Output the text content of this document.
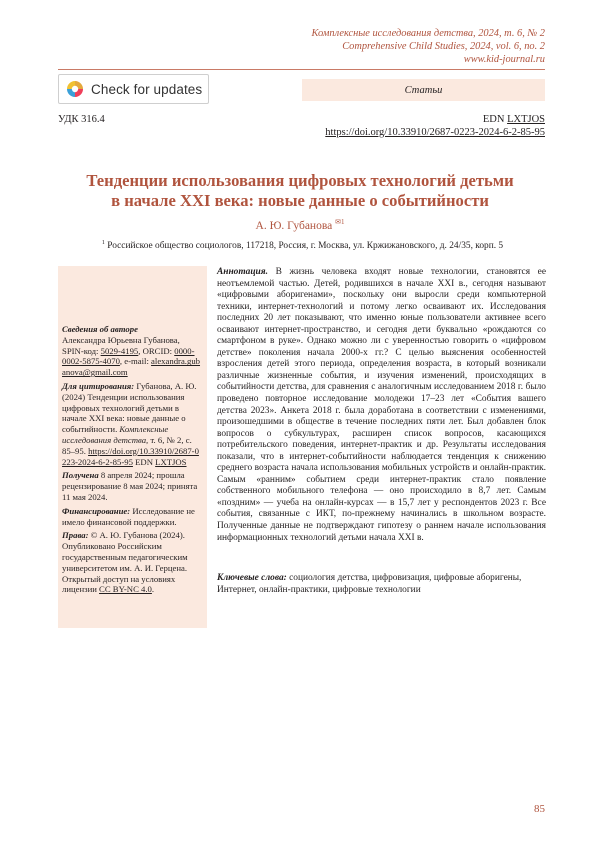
Комплексные исследования детства, 2024, т. 6, № 2
Comprehensive Child Studies, 2024, vol. 6, no. 2
www.kid-journal.ru
Check for updates	Статьи
УДК 316.4	EDN LXTJOS
https://doi.org/10.33910/2687-0223-2024-6-2-85-95
Тенденции использования цифровых технологий детьми
в начале XXI века: новые данные о событийности
А. Ю. Губанова $^{✉1}$
$^1$ Российское общество социологов, 117218, Россия, г. Москва, ул. Кржижановского, д. 24/35, корп. 5
Сведения об авторе
Александра Юрьевна Губанова, SPIN-код: 5029-4195, ORCID: 0000-0002-5875-4070, e-mail: alexandra.gubanova@gmail.com
Для цитирования: Губанова, А. Ю. (2024) Тенденции использования цифровых технологий детьми в начале XXI века: новые данные о событийности. Комплексные исследования детства, т. 6, № 2, с. 85–95. https://doi.org/10.33910/2687-0223-2024-6-2-85-95 EDN LXTJOS
Получена 8 апреля 2024; прошла рецензирование 8 мая 2024; принята 11 мая 2024.
Финансирование: Исследование не имело финансовой поддержки.
Права: © А. Ю. Губанова (2024). Опубликовано Российским государственным педагогическим университетом им. А. И. Герцена. Открытый доступ на условиях лицензии CC BY-NC 4.0.
Аннотация. В жизнь человека входят новые технологии, становятся ее неотъемлемой частью. Детей, родившихся в начале XXI в., сегодня называют «цифровыми аборигенами», поскольку они выросли среди компьютерной техники, интернет-технологий и потому легко осваивают их. Исследования последних 20 лет показывают, что именно юные пользователи активнее всего осваивают интернет-пространство, и сегодня дети буквально «рождаются со смартфоном в руке». Однако можно ли с уверенностью говорить о «цифровом детстве» поколения начала 2000-х гг.? С целью выяснения особенностей взросления детей этого периода, определения возраста, в который возникали различные жизненные события, и изучения изменений, происходящих в событийности детства, для сравнения с аналогичным исследованием 2018 г. было проведено повторное исследование молодежи 17–23 лет «События вашего детства 2023». Анкета 2018 г. была доработана в соответствии с изменениями, произошедшими в обществе в течение последних пяти лет. Был добавлен блок вопросов о субкультурах, расширен список вопросов, касающихся потребительского поведения, интернет-практик и др. Результаты исследования показали, что в интернет-событийности наблюдается тенденция к снижению среднего возраста начала использования мобильных устройств и онлайн-практик. Самым «ранним» событием среди интернет-практик стало появление собственного мобильного телефона — оно происходило в 8,7 лет. Самым «поздним» — учеба на онлайн-курсах — в 15,7 лет у респондентов 2023 г. Все события, связанные с ИКТ, по-прежнему начинались в школьном возрасте. Полученные данные не подтверждают гипотезу о раннем начале использования информационных технологий детьми начала XXI в.
Ключевые слова: социология детства, цифровизация, цифровые аборигены, Интернет, онлайн-практики, цифровые технологии
85
